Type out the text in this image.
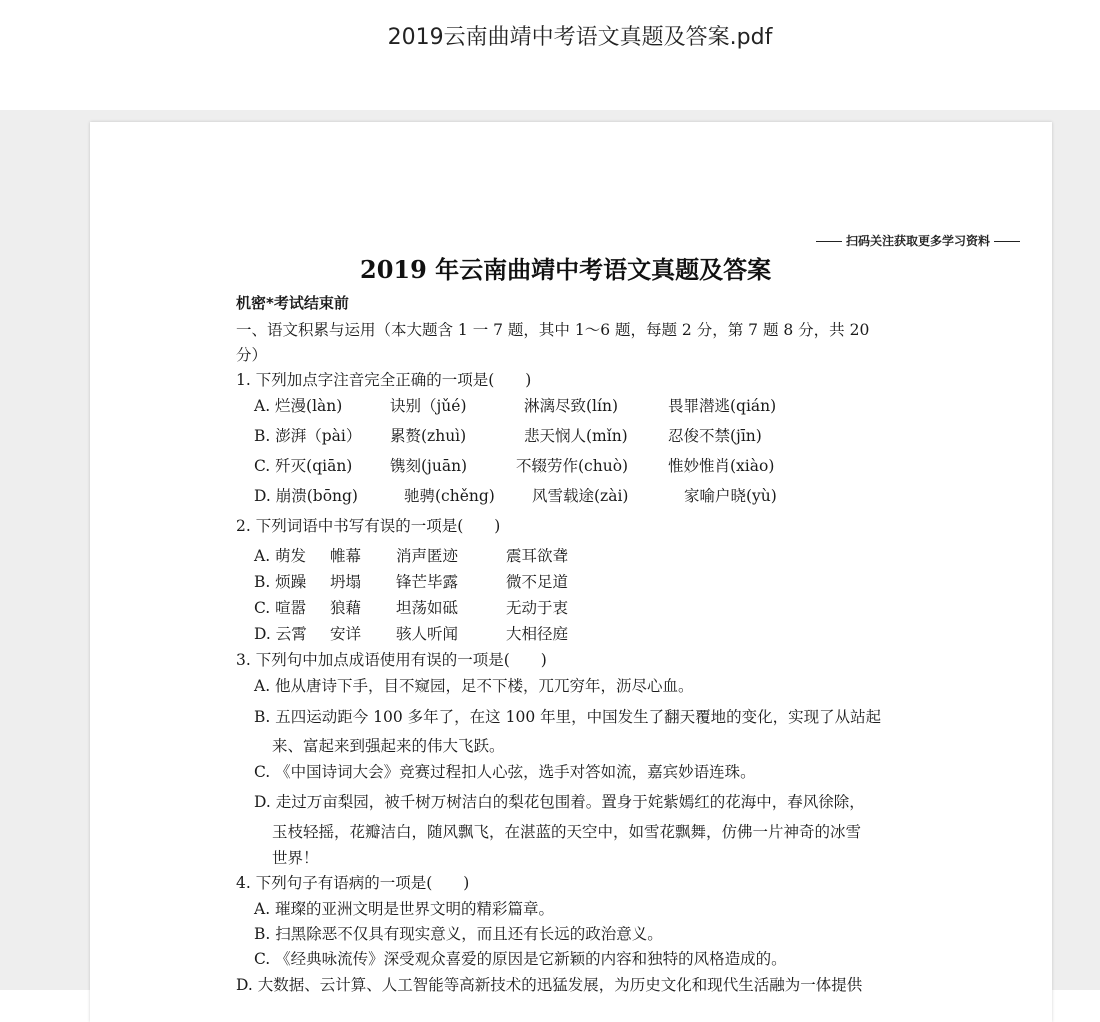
2019云南曲靖中考语文真题及答案.pdf
扫码关注获取更多学习资料
2019 年云南曲靖中考语文真题及答案
机密*考试结束前
一、语文积累与运用（本大题含 1 一 7 题，其中 1～6 题，每题 2 分，第 7 题 8 分，共 20
分）
1. 下列加点字注音完全正确的一项是(　　)
A. 烂漫(làn)	诀别（jǔé)	淋漓尽致(lín)	畏罪潜逃(qián)
B. 澎湃（pài） 累赘(zhuì)	悲天悯人(mǐn)	忍俊不禁(jīn)
C. 歼灭(qiān) 镌刻(juān)	不辍劳作(chuò)	惟妙惟肖(xiào)
D. 崩溃(bōng)	驰骋(chěng) 风雪载途(zài)	家喻户晓(yù)
2. 下列词语中书写有误的一项是(　　)
A. 萌发 帷幕 消声匿迹	震耳欲聋
B. 烦躁 坍塌 锋芒毕露	微不足道
C. 喧嚣 狼藉 坦荡如砥	无动于衷
D. 云霄 安详 骇人听闻	大相径庭
3. 下列句中加点成语使用有误的一项是(　　)
A. 他从唐诗下手，目不窥园，足不下楼，兀兀穷年，沥尽心血。
B. 五四运动距今 100 多年了，在这 100 年里，中国发生了翻天覆地的变化，实现了从站起
来、富起来到强起来的伟大飞跃。
C. 《中国诗词大会》竞赛过程扣人心弦，选手对答如流，嘉宾妙语连珠。
D. 走过万亩梨园，被千树万树洁白的梨花包围着。置身于姹紫嫣红的花海中，春风徐除，
玉枝轻摇，花瓣洁白，随风飘飞，在湛蓝的天空中，如雪花飘舞，仿佛一片神奇的冰雪
世界！
4. 下列句子有语病的一项是(　　)
A. 璀璨的亚洲文明是世界文明的精彩篇章。
B. 扫黑除恶不仅具有现实意义，而且还有长远的政治意义。
C. 《经典咏流传》深受观众喜爱的原因是它新颖的内容和独特的风格造成的。
D. 大数据、云计算、人工智能等高新技术的迅猛发展，为历史文化和现代生活融为一体提供
